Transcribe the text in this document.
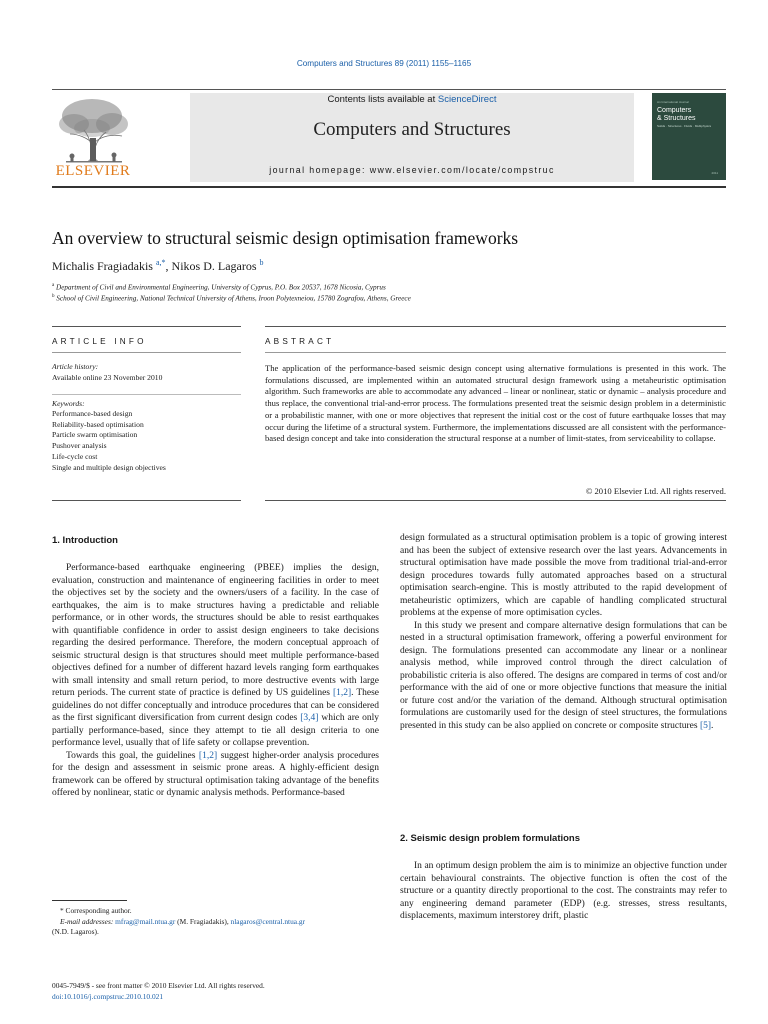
Computers and Structures 89 (2011) 1155–1165
Contents lists available at ScienceDirect
Computers and Structures
journal homepage: www.elsevier.com/locate/compstruc
ELSEVIER
An International Journal
Computers
& Structures
Solids · Structures · Fluids · Multiphysics
2011
An overview to structural seismic design optimisation frameworks
Michalis Fragiadakis $^{a,*}$, Nikos D. Lagaros $^b$
$^a$ Department of Civil and Environmental Engineering, University of Cyprus, P.O. Box 20537, 1678 Nicosia, Cyprus
$^b$ School of Civil Engineering, National Technical University of Athens, Iroon Polytexneiou, 15780 Zografou, Athens, Greece
ARTICLE INFO	ABSTRACT
Article history:
Available online 23 November 2010
Keywords:
Performance-based design
Reliability-based optimisation
Particle swarm optimisation
Pushover analysis
Life-cycle cost
Single and multiple design objectives
The application of the performance-based seismic design concept using alternative formulations is presented in this work. The formulations discussed, are implemented within an automated structural design framework using a metaheuristic optimisation algorithm. Such frameworks are able to accommodate any advanced – linear or nonlinear, static or dynamic – analysis procedure and thus replace, the conventional trial-and-error process. The formulations presented treat the seismic design problem in a deterministic or a probabilistic manner, with one or more objectives that represent the initial cost or the cost of future earthquake losses that may occur during the lifetime of a structural system. Furthermore, the implementations discussed are all consistent with the performance-based design concept and take into consideration the structural response at a number of limit-states, from serviceability to collapse.
© 2010 Elsevier Ltd. All rights reserved.
1. Introduction

Performance-based earthquake engineering (PBEE) implies the design, evaluation, construction and maintenance of engineering facilities in order to meet the objectives set by the society and the owners/users of a facility. In the case of earthquakes, the aim is to make structures having a predictable and reliable performance, or in other words, the structures should be able to resist earthquakes with quantifiable confidence in order to assist design engineers to take decisions regarding the desired performance. Therefore, the modern conceptual approach of seismic structural design is that structures should meet multiple performance-based objectives defined for a number of different hazard levels ranging form earthquakes with small intensity and small return period, to more destructive events with large return periods. The current state of practice is defined by US guidelines [1,2]. These guidelines do not differ conceptually and introduce procedures that can be considered as the first significant diversification from current design codes [3,4] which are only partially performance-based, since they attempt to tie all design criteria to one performance level, usually that of life safety or collapse prevention.

Towards this goal, the guidelines [1,2] suggest higher-order analysis procedures for the design and assessment in seismic prone areas. A highly-efficient design framework can be offered by structural optimisation taking advantage of the benefits offered by nonlinear, static or dynamic analysis methods. Performance-based

design formulated as a structural optimisation problem is a topic of growing interest and has been the subject of extensive research over the last years. Advancements in structural optimisation have made possible the move from traditional trial-and-error design procedures towards fully automated approaches based on a structural optimisation search-engine. This is mostly attributed to the rapid development of metaheuristic optimizers, which are capable of handling complicated structural problems at the expense of more optimisation cycles.

In this study we present and compare alternative design formulations that can be nested in a structural optimisation framework, offering a powerful environment for design. The formulations presented can accommodate any linear or a nonlinear analysis method, while improved control through the direct calculation of probabilistic criteria is also offered. The designs are compared in terms of cost and/or performance with the aid of one or more objective functions that measure the initial or future cost and/or the variation of the demand. Although structural optimisation formulations are customarily used for the design of steel structures, the formulations presented in this study can be also applied on concrete or composite structures [5].

2. Seismic design problem formulations

In an optimum design problem the aim is to minimize an objective function under certain behavioural constraints. The objective function is often the cost of the structure or a quantity directly proportional to the cost. The constraints may refer to any engineering demand parameter (EDP) (e.g. stresses, stress resultants, displacements, maximum interstorey drift, plastic

* Corresponding author.
E-mail addresses: mfrag@mail.ntua.gr (M. Fragiadakis), nlagaros@central.ntua.gr
(N.D. Lagaros).
0045-7949/$ - see front matter © 2010 Elsevier Ltd. All rights reserved.
doi:10.1016/j.compstruc.2010.10.021
